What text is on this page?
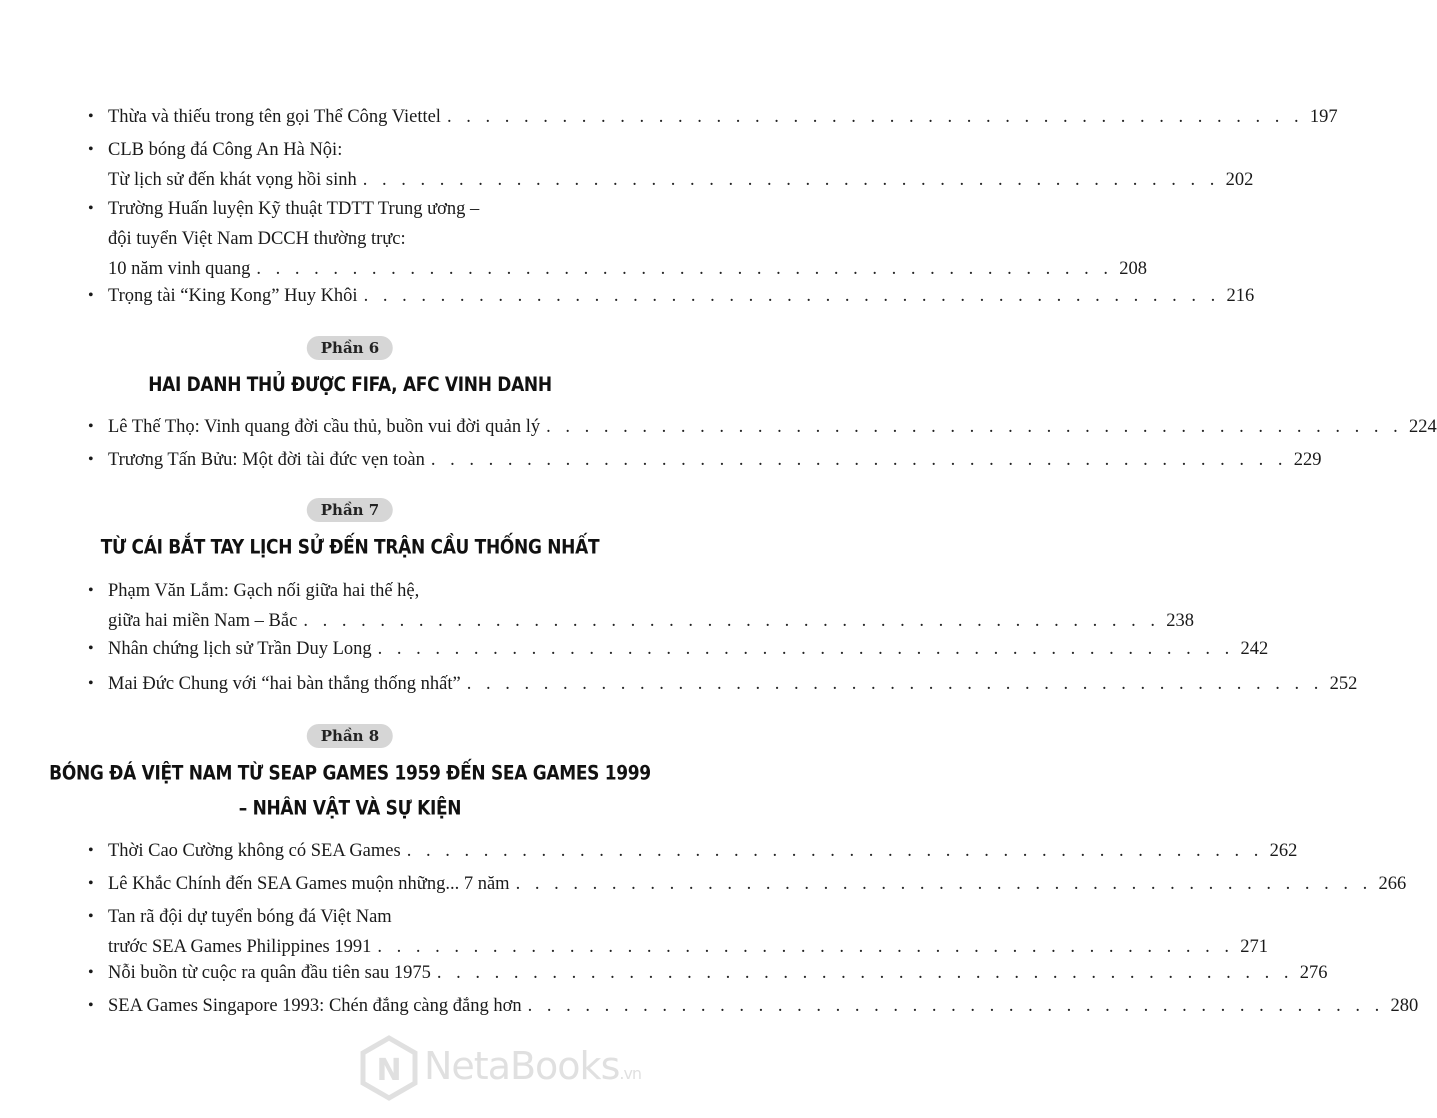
• Thừa và thiếu trong tên gọi Thể Công Viettel . . . . . . . . . . . . . . . . . . . . . . . . . . . . . . . . . . . . . . . . . . . . . 197
• CLB bóng đá Công An Hà Nội:
Từ lịch sử đến khát vọng hồi sinh . . . . . . . . . . . . . . . . . . . . . . . . . . . . . . . . . . . . . . . . . . . . . 202
• Trường Huấn luyện Kỹ thuật TDTT Trung ương –
đội tuyển Việt Nam DCCH thường trực:
10 năm vinh quang . . . . . . . . . . . . . . . . . . . . . . . . . . . . . . . . . . . . . . . . . . . . . 208
• Trọng tài “King Kong” Huy Khôi . . . . . . . . . . . . . . . . . . . . . . . . . . . . . . . . . . . . . . . . . . . . . 216
Phần 6
HAI DANH THỦ ĐƯỢC FIFA, AFC VINH DANH
• Lê Thế Thọ: Vinh quang đời cầu thủ, buồn vui đời quản lý . . . . . . . . . . . . . . . . . . . . . . . . . . . . . . . . . . . . . . . . . . . . . 224
• Trương Tấn Bửu: Một đời tài đức vẹn toàn . . . . . . . . . . . . . . . . . . . . . . . . . . . . . . . . . . . . . . . . . . . . . 229
Phần 7
TỪ CÁI BẮT TAY LỊCH SỬ ĐẾN TRẬN CẦU THỐNG NHẤT
• Phạm Văn Lắm: Gạch nối giữa hai thế hệ,
giữa hai miền Nam – Bắc . . . . . . . . . . . . . . . . . . . . . . . . . . . . . . . . . . . . . . . . . . . . . 238
• Nhân chứng lịch sử Trần Duy Long . . . . . . . . . . . . . . . . . . . . . . . . . . . . . . . . . . . . . . . . . . . . . 242
• Mai Đức Chung với “hai bàn thắng thống nhất” . . . . . . . . . . . . . . . . . . . . . . . . . . . . . . . . . . . . . . . . . . . . . 252
Phần 8
BÓNG ĐÁ VIỆT NAM TỪ SEAP GAMES 1959 ĐẾN SEA GAMES 1999
– NHÂN VẬT VÀ SỰ KIỆN
• Thời Cao Cường không có SEA Games . . . . . . . . . . . . . . . . . . . . . . . . . . . . . . . . . . . . . . . . . . . . . 262
• Lê Khắc Chính đến SEA Games muộn những... 7 năm . . . . . . . . . . . . . . . . . . . . . . . . . . . . . . . . . . . . . . . . . . . . . 266
• Tan rã đội dự tuyển bóng đá Việt Nam
trước SEA Games Philippines 1991 . . . . . . . . . . . . . . . . . . . . . . . . . . . . . . . . . . . . . . . . . . . . . 271
• Nỗi buồn từ cuộc ra quân đầu tiên sau 1975 . . . . . . . . . . . . . . . . . . . . . . . . . . . . . . . . . . . . . . . . . . . . . 276
• SEA Games Singapore 1993: Chén đắng càng đắng hơn . . . . . . . . . . . . . . . . . . . . . . . . . . . . . . . . . . . . . . . . . . . . . 280
N NetaBooks.vn
